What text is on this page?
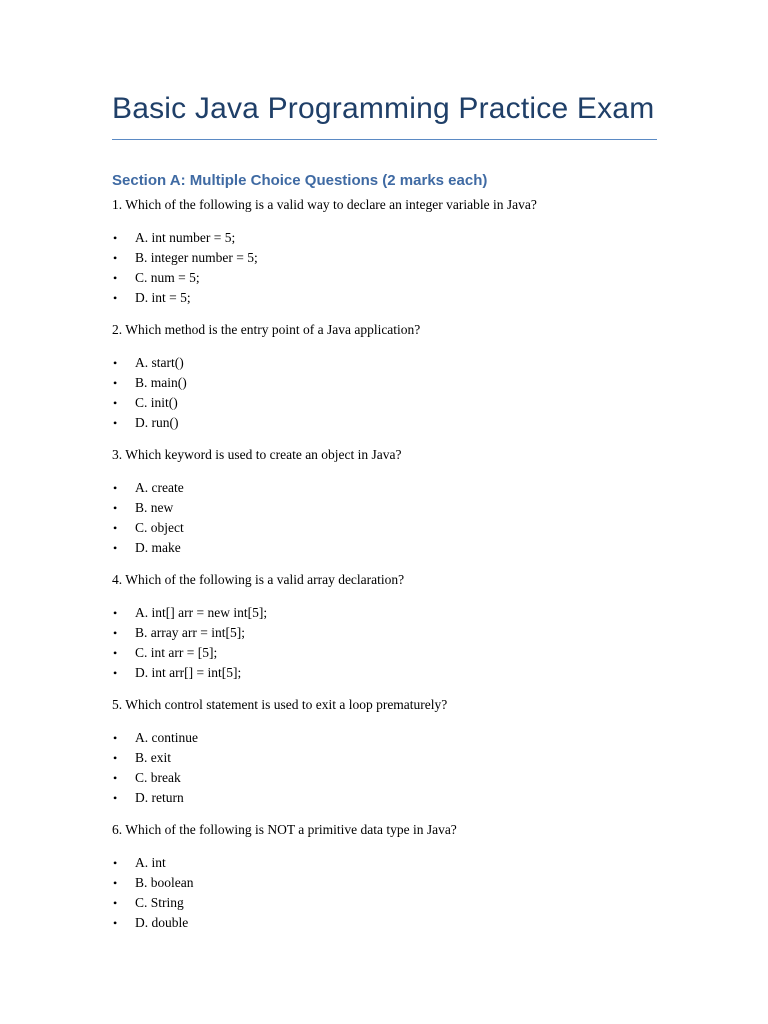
Basic Java Programming Practice Exam
Section A: Multiple Choice Questions (2 marks each)
1. Which of the following is a valid way to declare an integer variable in Java?
• A. int number = 5;
• B. integer number = 5;
• C. num = 5;
• D. int = 5;
2. Which method is the entry point of a Java application?
• A. start()
• B. main()
• C. init()
• D. run()
3. Which keyword is used to create an object in Java?
• A. create
• B. new
• C. object
• D. make
4. Which of the following is a valid array declaration?
• A. int[] arr = new int[5];
• B. array arr = int[5];
• C. int arr = [5];
• D. int arr[] = int[5];
5. Which control statement is used to exit a loop prematurely?
• A. continue
• B. exit
• C. break
• D. return
6. Which of the following is NOT a primitive data type in Java?
• A. int
• B. boolean
• C. String
• D. double
